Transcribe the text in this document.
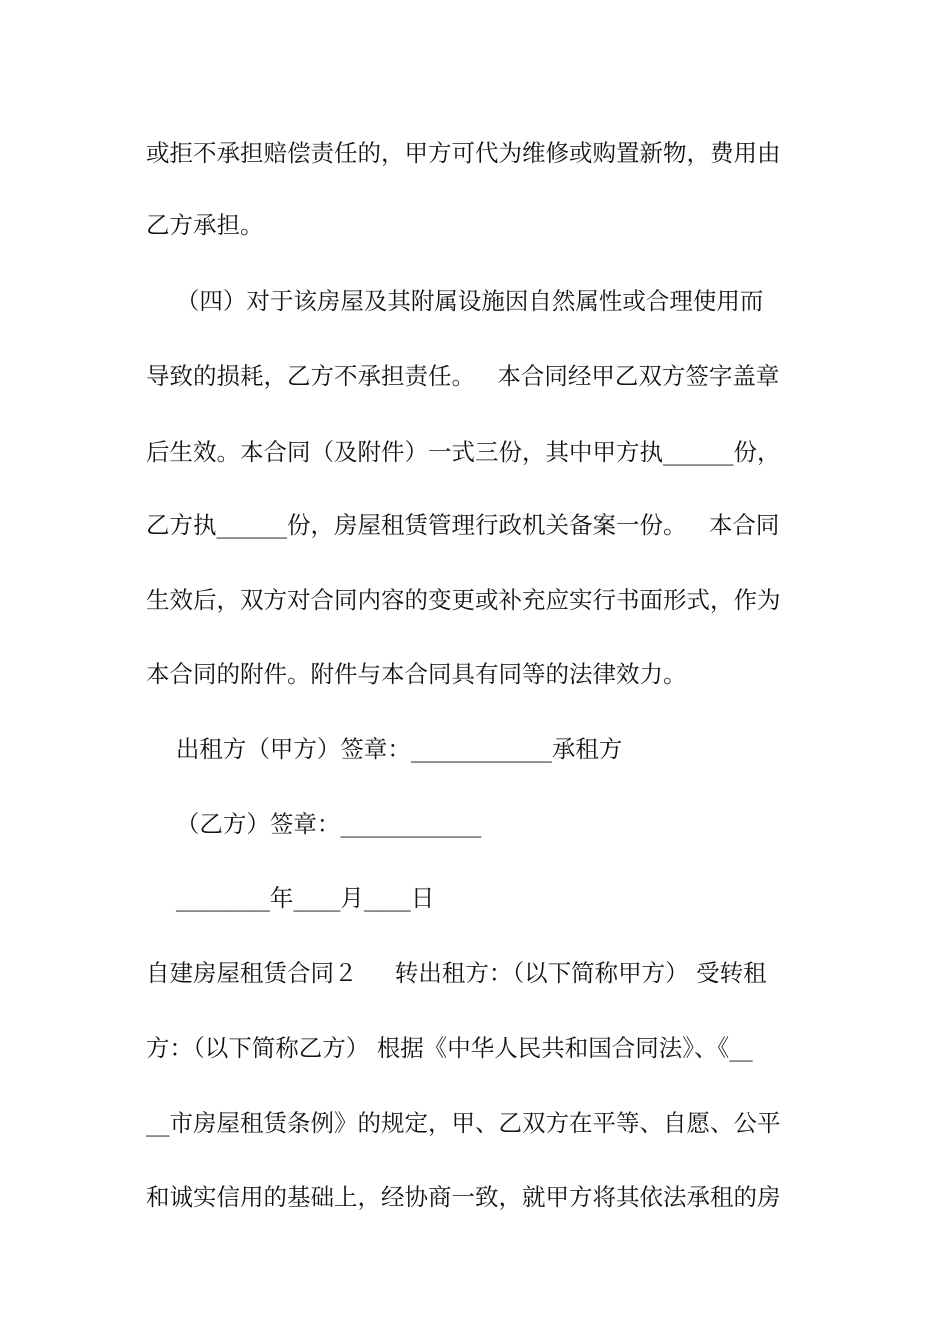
或拒不承担赔偿责任的，甲方可代为维修或购置新物，费用由
乙方承担。
（四）对于该房屋及其附属设施因自然属性或合理使用而
导致的损耗，乙方不承担责任。   本合同经甲乙双方签字盖章
后生效。本合同（及附件）一式三份，其中甲方执______份，
乙方执______份，房屋租赁管理行政机关备案一份。   本合同
生效后，双方对合同内容的变更或补充应实行书面形式，作为
本合同的附件。附件与本合同具有同等的法律效力。
出租方（甲方）签章：____________承租方
（乙方）签章：____________
________年____月____日
自建房屋租赁合同２     转出租方：（以下简称甲方） 受转租
方：（以下简称乙方） 根据《中华人民共和国合同法》、《__
__市房屋租赁条例》的规定，甲、乙双方在平等、自愿、公平
和诚实信用的基础上，经协商一致，就甲方将其依法承租的房
